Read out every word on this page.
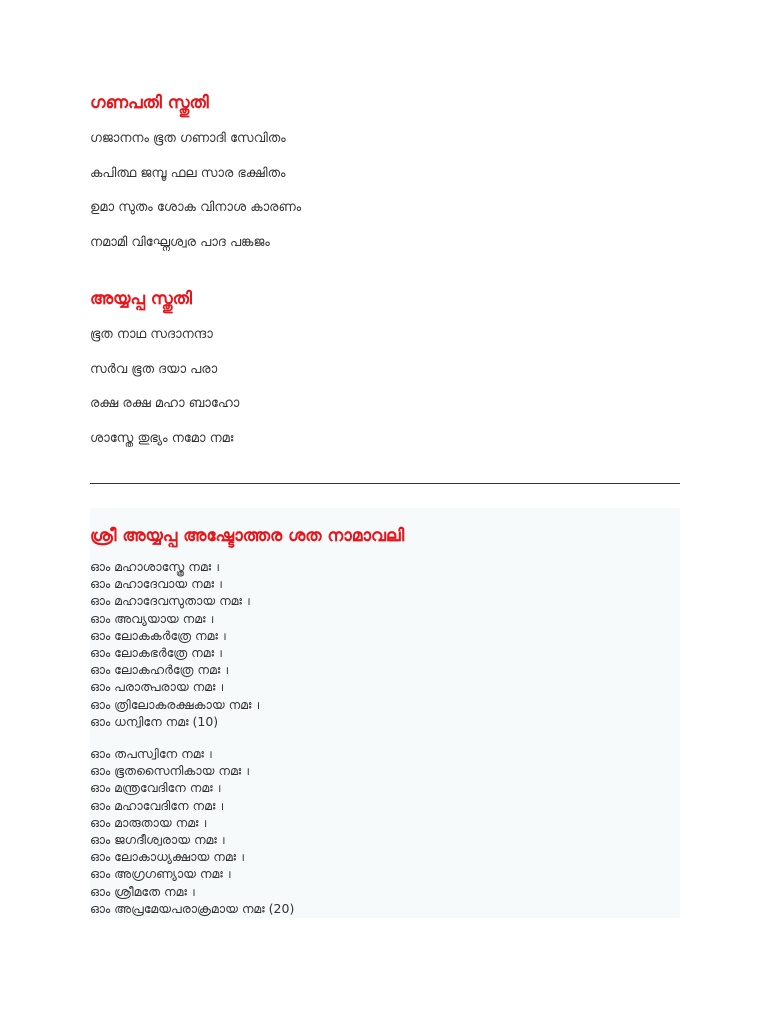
ഗണപതി സ്തുതി

ഗജാനനം ഭൂത ഗണാദി സേവിതം

കപിത്ഥ ജമ്പൂ ഫല സാര ഭക്ഷിതം

ഉമാ സുതം ശോക വിനാശ കാരണം

നമാമി വിഘ്നേശ്വര പാദ പങ്കജം

അയ്യപ്പ സ്തുതി

ഭൂത നാഥ സദാനന്ദാ

സർവ ഭൂത ദയാ പരാ

രക്ഷ രക്ഷ മഹാ ബാഹോ

ശാസ്തേ തുഭ്യം നമോ നമഃ

ശ്രീ അയ്യപ്പ അഷ്ടോത്തര ശത നാമാവലി
ഓം മഹാശാസ്ത്രേ നമഃ ।
ഓം മഹാദേവായ നമഃ ।
ഓം മഹാദേവസുതായ നമഃ ।
ഓം അവ്യയായ നമഃ ।
ഓം ലോകകർത്രേ നമഃ ।
ഓം ലോകഭർത്രേ നമഃ ।
ഓം ലോകഹർത്രേ നമഃ ।
ഓം പരാത്പരായ നമഃ ।
ഓം ത്രിലോകരക്ഷകായ നമഃ ।
ഓം ധന്വിനേ നമഃ (10)
ഓം തപസ്വിനേ നമഃ ।
ഓം ഭൂതസൈനികായ നമഃ ।
ഓം മന്ത്രവേദിനേ നമഃ ।
ഓം മഹാവേദിനേ നമഃ ।
ഓം മാരുതായ നമഃ ।
ഓം ജഗദീശ്വരായ നമഃ ।
ഓം ലോകാധ്യക്ഷായ നമഃ ।
ഓം അഗ്രഗണ്യായ നമഃ ।
ഓം ശ്രീമതേ നമഃ ।
ഓം അപ്രമേയപരാക്രമായ നമഃ (20)
